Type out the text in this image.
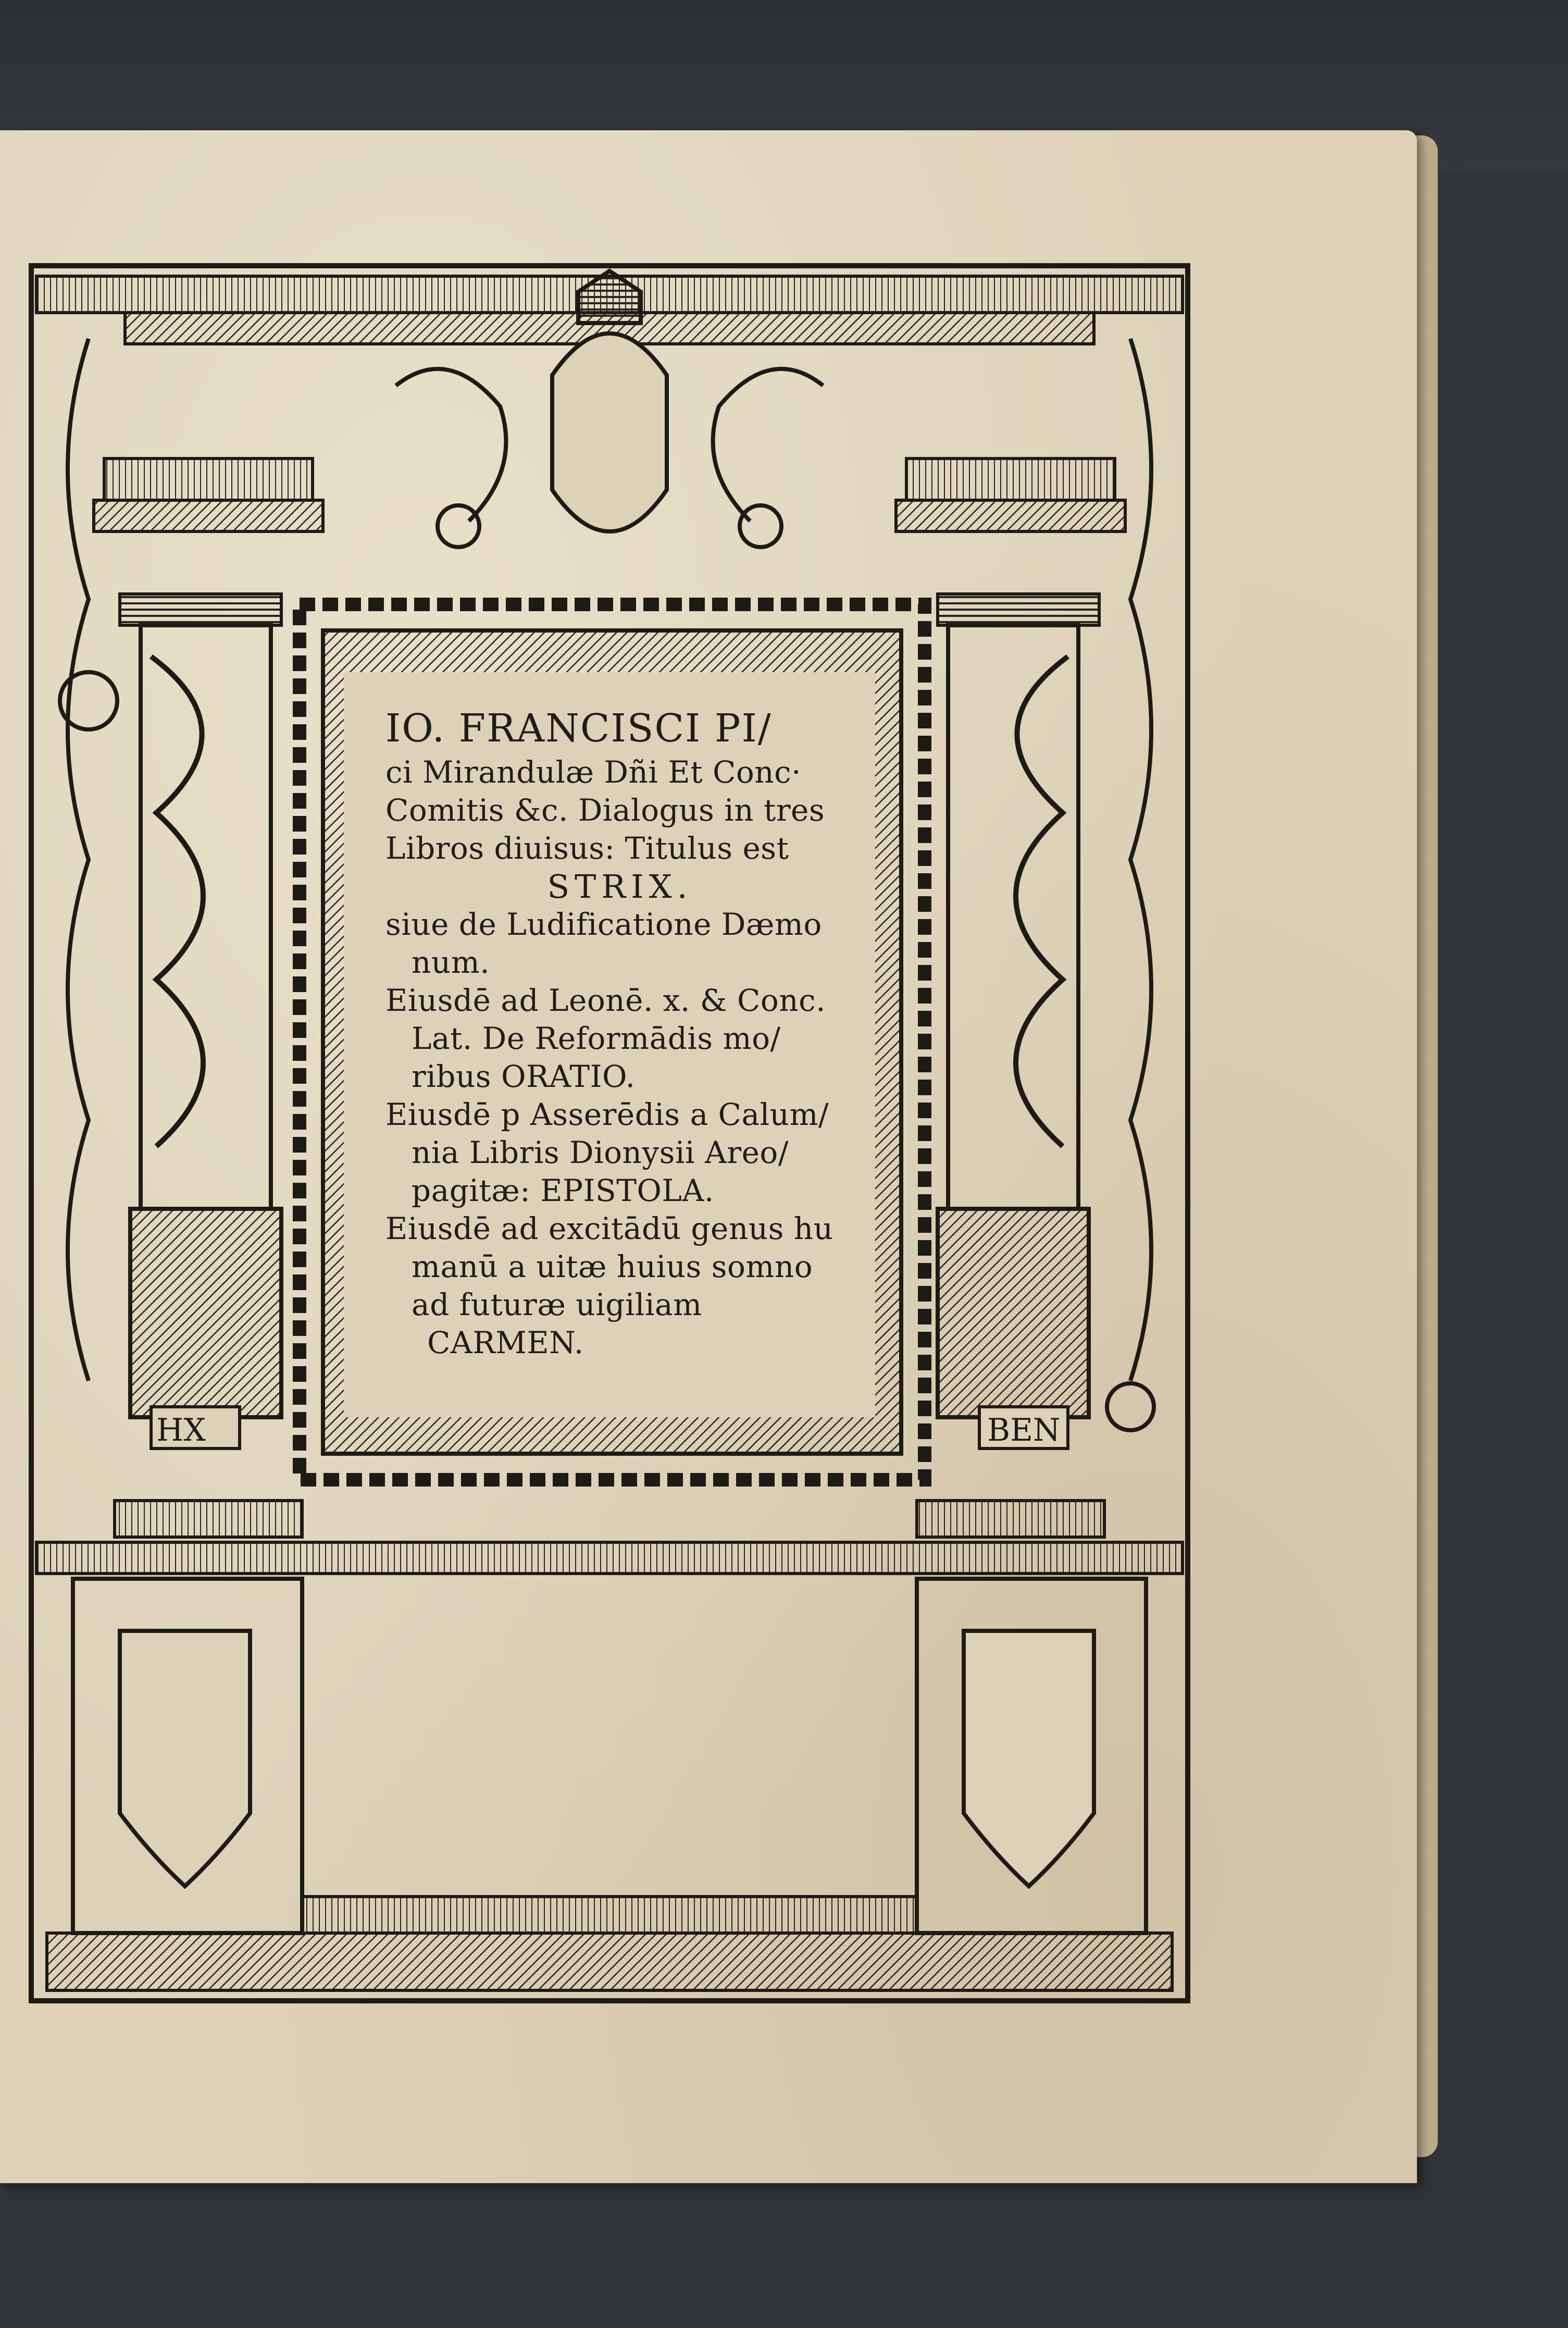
HX	BEN
IO. FRANCISCI PI/
ci Mirandulæ Dñi Et Conc·
Comitis &c. Dialogus in tres
Libros diuisus: Titulus est
STRIX.
siue de Ludificatione Dæmo
num.
Eiusdē ad Leonē. x. & Conc.
Lat. De Reformādis mo/
ribus ORATIO.
Eiusdē p Asserēdis a Calum/
nia Libris Dionysii Areo/
pagitæ: EPISTOLA.
Eiusdē ad excitādū genus hu
manū a uitæ huius somno
ad futuræ uigiliam
CARMEN.
